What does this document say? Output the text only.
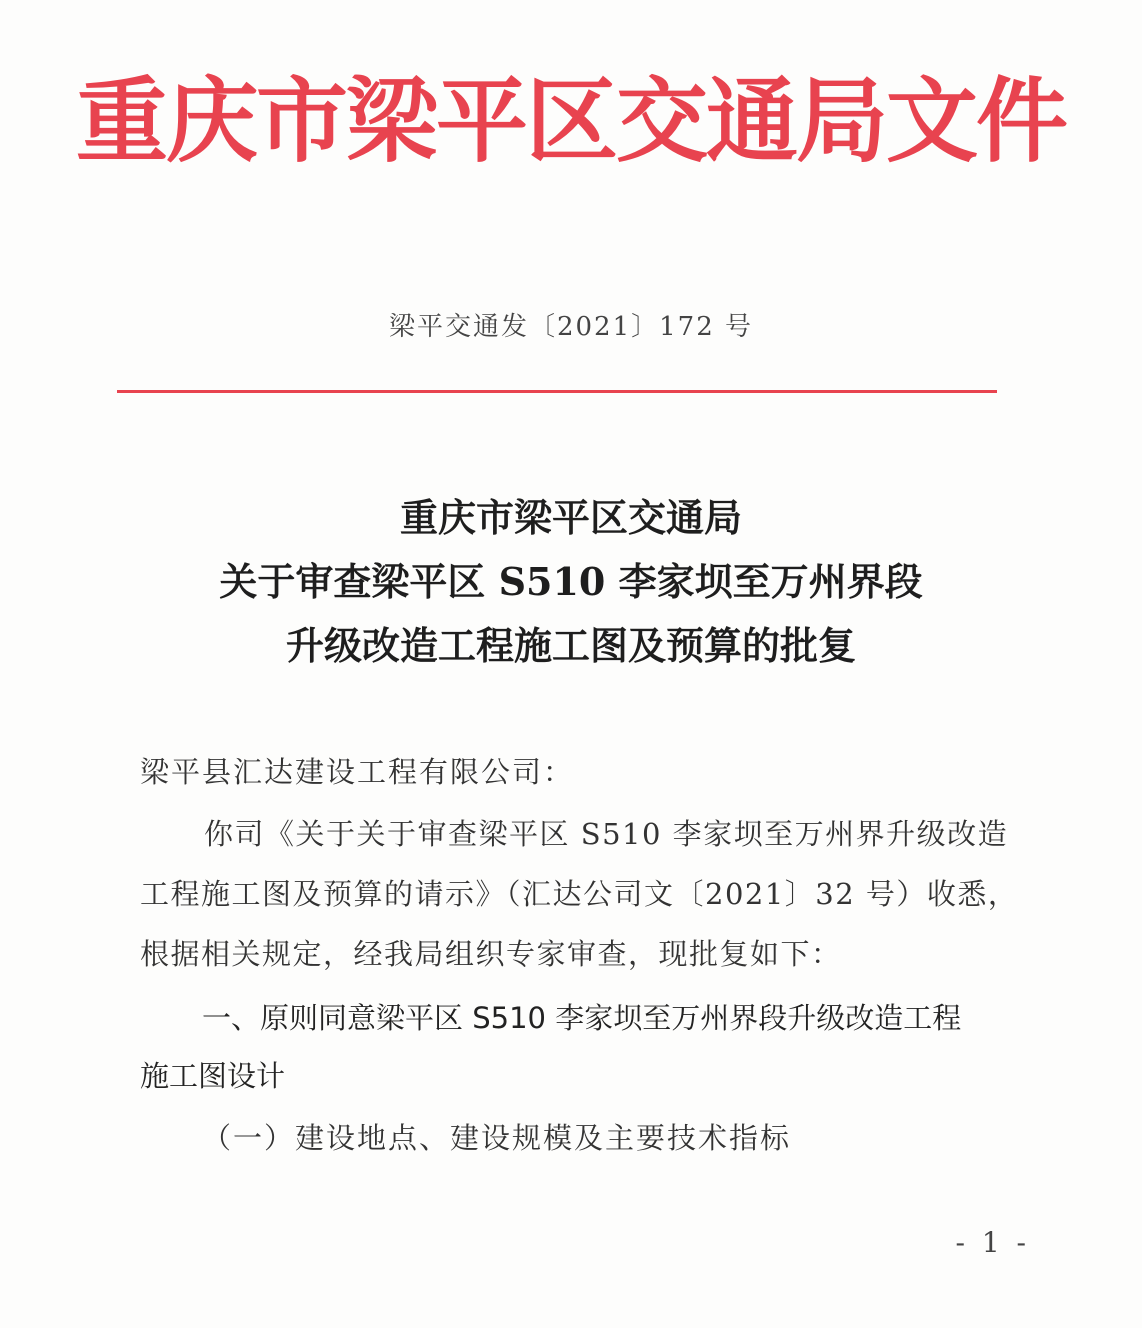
重庆市梁平区交通局文件
梁平交通发〔2021〕172 号
重庆市梁平区交通局
关于审查梁平区 S510 李家坝至万州界段
升级改造工程施工图及预算的批复
梁平县汇达建设工程有限公司：
你司《关于关于审查梁平区 S510 李家坝至万州界升级改造
工程施工图及预算的请示》（汇达公司文〔2021〕32 号）收悉，
根据相关规定，经我局组织专家审查，现批复如下：
一、原则同意梁平区 S510 李家坝至万州界段升级改造工程
施工图设计
（一）建设地点、建设规模及主要技术指标
- 1 -
